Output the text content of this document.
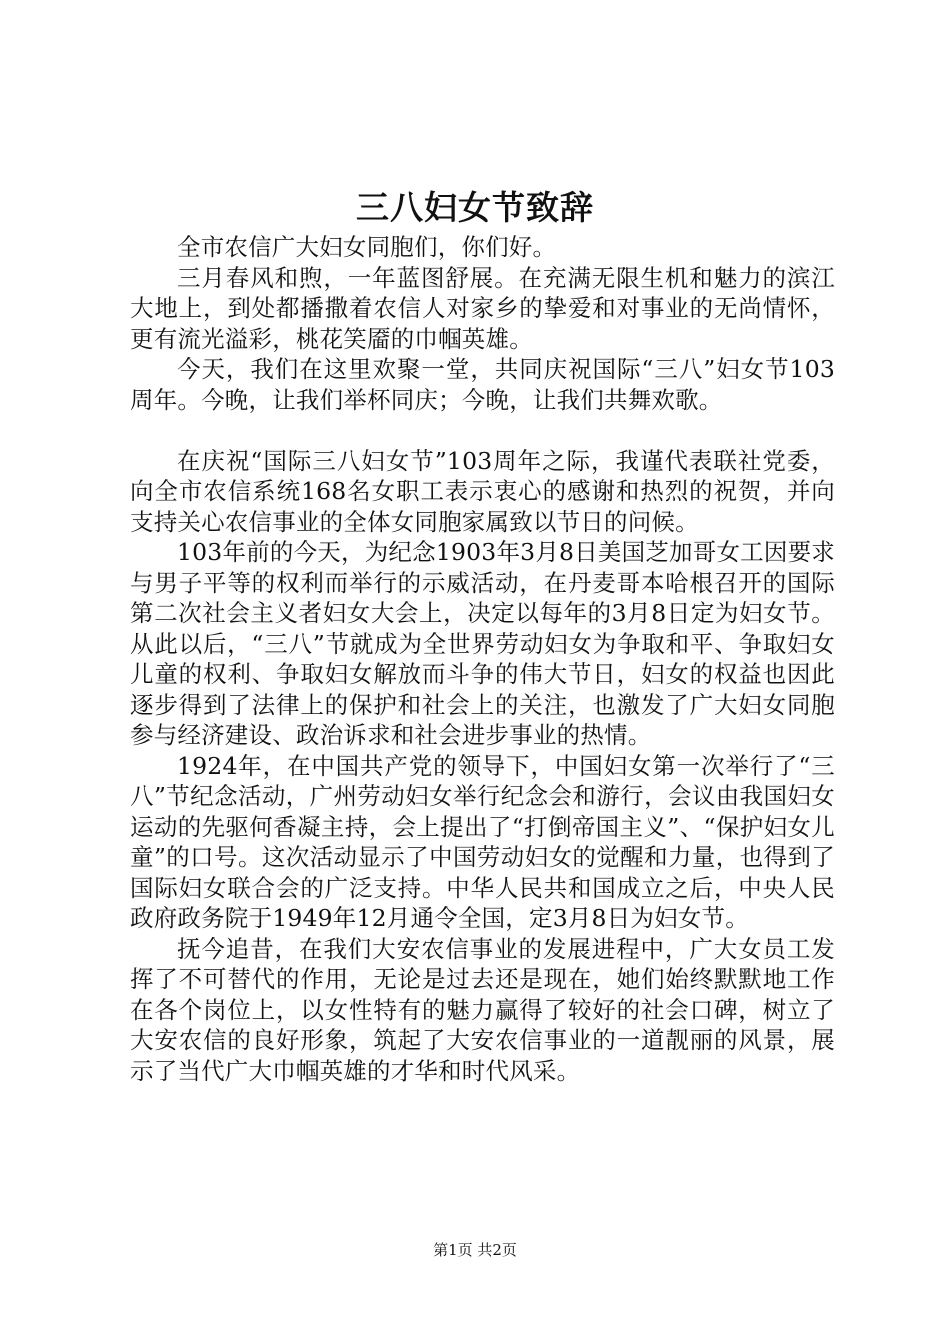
三八妇女节致辞

全市农信广大妇女同胞们，你们好。

三月春风和煦，一年蓝图舒展。在充满无限生机和魅力的滨江大地上，到处都播撒着农信人对家乡的挚爱和对事业的无尚情怀，更有流光溢彩，桃花笑靥的巾帼英雄。

今天，我们在这里欢聚一堂，共同庆祝国际“三八”妇女节103周年。今晚，让我们举杯同庆；今晚，让我们共舞欢歌。

在庆祝“国际三八妇女节”103周年之际，我谨代表联社党委，向全市农信系统168名女职工表示衷心的感谢和热烈的祝贺，并向支持关心农信事业的全体女同胞家属致以节日的问候。

103年前的今天，为纪念1903年3月8日美国芝加哥女工因要求与男子平等的权利而举行的示威活动，在丹麦哥本哈根召开的国际第二次社会主义者妇女大会上，决定以每年的3月8日定为妇女节。从此以后，“三八”节就成为全世界劳动妇女为争取和平、争取妇女儿童的权利、争取妇女解放而斗争的伟大节日，妇女的权益也因此逐步得到了法律上的保护和社会上的关注，也激发了广大妇女同胞参与经济建设、政治诉求和社会进步事业的热情。

1924年，在中国共产党的领导下，中国妇女第一次举行了“三八”节纪念活动，广州劳动妇女举行纪念会和游行，会议由我国妇女运动的先驱何香凝主持，会上提出了“打倒帝国主义”、“保护妇女儿童”的口号。这次活动显示了中国劳动妇女的觉醒和力量，也得到了国际妇女联合会的广泛支持。中华人民共和国成立之后，中央人民政府政务院于1949年12月通令全国，定3月8日为妇女节。

抚今追昔，在我们大安农信事业的发展进程中，广大女员工发挥了不可替代的作用，无论是过去还是现在，她们始终默默地工作在各个岗位上，以女性特有的魅力赢得了较好的社会口碑，树立了大安农信的良好形象，筑起了大安农信事业的一道靓丽的风景，展示了当代广大巾帼英雄的才华和时代风采。

第1页 共2页
